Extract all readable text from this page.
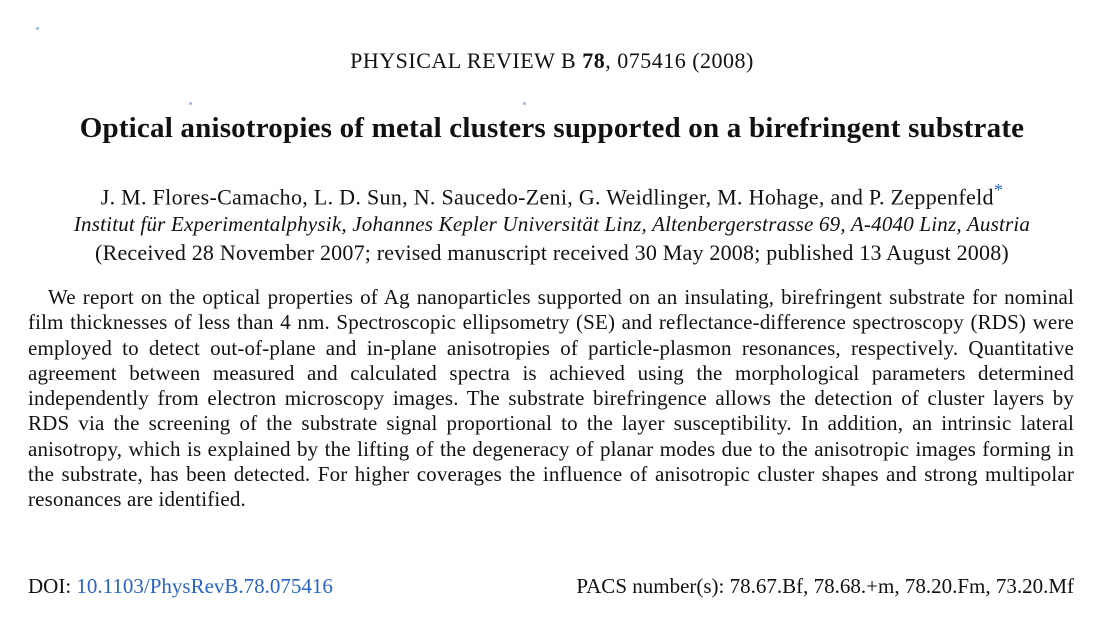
PHYSICAL REVIEW B 78, 075416 (2008)
Optical anisotropies of metal clusters supported on a birefringent substrate
J. M. Flores-Camacho, L. D. Sun, N. Saucedo-Zeni, G. Weidlinger, M. Hohage, and P. Zeppenfeld*
Institut für Experimentalphysik, Johannes Kepler Universität Linz, Altenbergerstrasse 69, A-4040 Linz, Austria
(Received 28 November 2007; revised manuscript received 30 May 2008; published 13 August 2008)
We report on the optical properties of Ag nanoparticles supported on an insulating, birefringent substrate for nominal film thicknesses of less than 4 nm. Spectroscopic ellipsometry (SE) and reflectance-difference spectroscopy (RDS) were employed to detect out-of-plane and in-plane anisotropies of particle-plasmon resonances, respectively. Quantitative agreement between measured and calculated spectra is achieved using the morphological parameters determined independently from electron microscopy images. The substrate birefringence allows the detection of cluster layers by RDS via the screening of the substrate signal proportional to the layer susceptibility. In addition, an intrinsic lateral anisotropy, which is explained by the lifting of the degeneracy of planar modes due to the anisotropic images forming in the substrate, has been detected. For higher coverages the influence of anisotropic cluster shapes and strong multipolar resonances are identified.
DOI: 10.1103/PhysRevB.78.075416	PACS number(s): 78.67.Bf, 78.68.+m, 78.20.Fm, 73.20.Mf
